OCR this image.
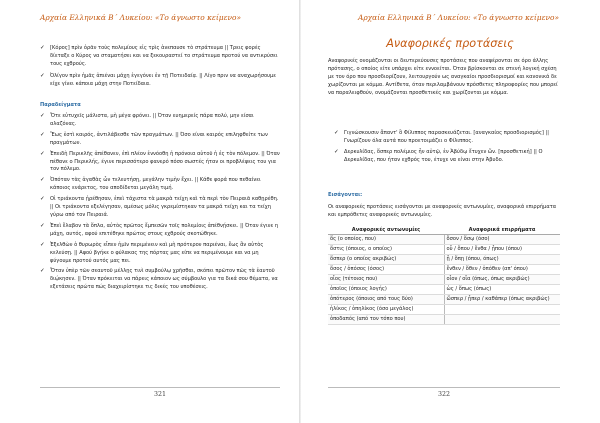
Αρχαία Ελληνικά Β΄ Λυκείου: «Το άγνωστο κείμενο»	Αρχαία Ελληνικά Β΄ Λυκείου: «Το άγνωστο κείμενο»

✓ [Κόρος] πρὶν ὁρᾶν τοὺς πολεμίους εἰς τρὶς ἀνεπαυσε τὸ στράτευμα || Τρεις φορές δίεταξε ο Κύρος να σταματήσει και να ξεκουραστεί το στράτευμα προτού να αντικρύσει τους εχθρούς.

✓ Ὀλίγον πρὶν ἡμᾶς ἀπιέναι μάχη ἐγεγόνει ἐν τῇ Ποτειδαίᾳ. || Λίγο πριν να αναχωρήσουμε είχε γίνει κάποια μάχη στην Ποτείδαια.

Παραδείγματα

✓ Ὅτε εὐτυχεῖς μάλιστα, μὴ μέγα φρόνει. || Όταν ευημερείς πάρα πολύ, μην είσαι αλαζόνας.

✓ Ἕως ἐστὶ καιρός, ἀντιλάβεσθε τῶν πραγμάτων. || Όσο είναι καιρός επιληφθείτε των πραγμάτων.

✓ Ἐπειδὴ Περικλῆς ἀπέθανεν, ἐπὶ πλέον ἐννόοθη ἡ πρόνοια αὐτοῦ ἡ ἐς τὸν πόλεμον. || Όταν πέθανε ο Περικλής, έγινε περισσότερο φανερό πόσο σωστές ήταν οι προβλέψεις του για τον πόλεμο.

✓ Ὁπόταν τὰς ἀγαθὰς ὧν τελευτήσῃ, μεγάλην τιμὴν ἔχει. || Κάθε φορά που πεθαίνει κάποιος ενάρετος, του αποδίδεται μεγάλη τιμή.

✓ Οἱ τριάκοντα ᾑρέθησαν, ἐπεὶ τάχιστα τὰ μακρὰ τείχη καὶ τὰ περὶ τὸν Πειραιᾶ καθῃρέθη. || Οι τριάκοντα εξελέγησαν, αμέσως μόλις γκρεμίστηκαν τα μακρά τείχη και τα τείχη γύρω από τον Πειραιά.

✓ Ἐπεὶ ἔλαβον τὰ ὅπλα, αὐτὸς πρῶτος ἔμπεσῶν τοῖς πολεμίοις ἀπέθνῄσκει. || Όταν έγινε η μάχη, αυτός, αφού επιτέθηκε πρώτος στους εχθρούς σκοτώθηκε.

✓ Ἐξελθὼν ὁ θυρωρὸς εἶπεν ἡμῖν περιμένειν καὶ μὴ πρότερον παριέναι, ἕως ἂν αὐτὸς κελεύσῃ. || Αφού βγήκε ο φύλακας της πόρτας μας είπε να περιμένουμε και να μη φύγουμε προτού αυτός μας πει.

✓ Ὅταν ὑπὲρ τῶν σεαυτοῦ μέλλῃς τινὶ συμβούλῳ χρῆσθαι, σκόπει πρῶτον πῶς τὰ ἑαυτοῦ διῴκησεν. || Όταν πρόκειται να πάρεις κάποιον ως σύμβουλο για τα δικά σου θέματα, να εξετάσεις πρώτα πώς διαχειρίστηκε τις δικές του υποθέσεις.

321
Αναφορικές προτάσεις
Αναφορικές ονομάζονται οι δευτερεύουσες προτάσεις που αναφέρονται σε όρο άλλης πρότασης, ο οποίος είτε υπάρχει είτε εννοείται. Όταν βρίσκονται σε στενή λογική σχέση με τον όρο που προσδιορίζουν, λειτουργούν ως αναγκαίοι προσδιορισμοί και κανονικά δε χωρίζονται με κόμμα. Αντίθετα, όταν περιλαμβάνουν πρόσθετες πληροφορίες που μπορεί να παραλειφθούν, ονομάζονται προσθετικές και χωρίζονται με κόμμα.

✓ Γιγνώσκουσιν ἅπαντ' ὃ Φίλιππος παρασκευάζεται. [αναγκαίος προσδιορισμός] || Γνωρίζουν όλα αυτά που προετοιμάζει ο Φίλιππος.

✓ Δερκυλίδας, ὅσπερ πολέμιος ἦν αὐτῷ, ἐν Ἀβύδῳ ἔτυχεν ὤν. [προσθετική] || Ο Δερκυλίδας, που ήταν εχθρός του, έτυχε να είναι στην Άβυδο.

Εισάγονται:
Οι αναφορικές προτάσεις εισάγονται με αναφορικές αντωνυμίες, αναφορικά επιρρήματα και εμπρόθετες αναφορικές αντωνυμίες.
Αναφορικές αντωνυμίες	Αναφορικά επιρρήματα
ὅς (ο οποίος, που)	ὅσον / ὅσῳ (όσο)
ὅστις (όποιος, ο οποίος)	οὗ / ὅπου / ἔνθα / ᾗπου (όπου)
ὅσπερ (ο οποίος ακριβώς)	ᾗ / ὅπῃ (όπου, όπως)
ὅσος / ὁπόσος (όσος)	ἔνθεν / ὅθεν / ὁπόθεν (απ' όπου)
οἷος (τέτοιος που)	οἷον / οἷα (όπως, όπως ακριβώς)
ὁποῖος (όποιος λογής)	ὡς / ὅπως (όπως)
ὁπότερος (όποιος από τους δύο)	ὥσπερ / ᾗπερ / καθάπερ (όπως ακριβώς)
ἡλίκος / ὁπηλίκος (όσο μεγάλος)	
ὁποδαπός (από τον τόπο που)	
322
